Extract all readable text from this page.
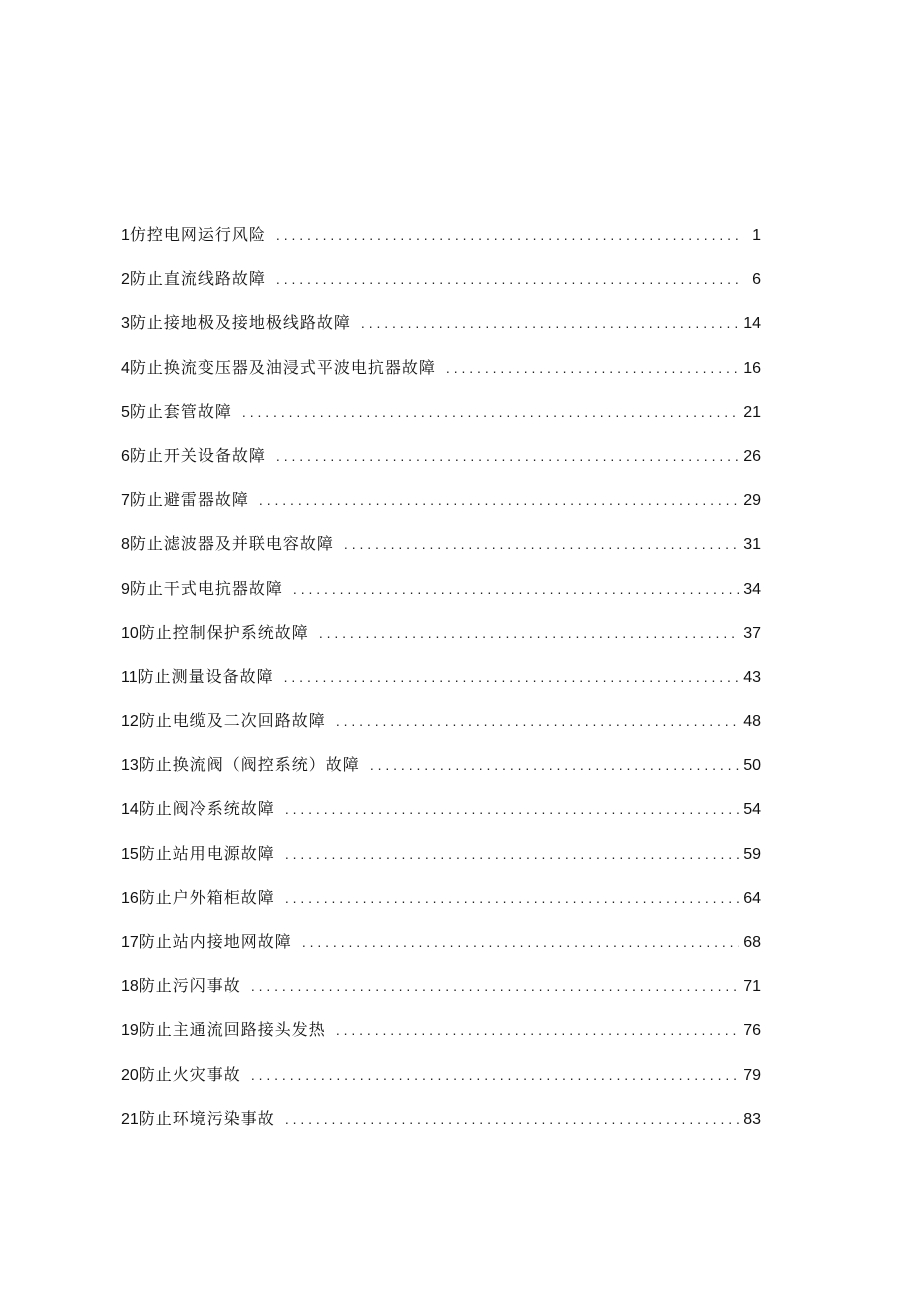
1 仿控电网运行风险 . . .	1
2 防止直流线路故障 . . .	6
3 防止接地极及接地极线路故障 . . .	14
4 防止换流变压器及油浸式平波电抗器故障 . . .	16
5 防止套管故障 . . .	21
6 防止开关设备故障 . . .	26
7 防止避雷器故障 . . .	29
8 防止滤波器及并联电容故障 . . .	31
9 防止干式电抗器故障 . . .	34
10 防止控制保护系统故障 . . .	37
11 防止测量设备故障 . . .	43
12 防止电缆及二次回路故障 . . .	48
13 防止换流阀（阀控系统）故障 . . .	50
14 防止阀冷系统故障 . . .	54
15 防止站用电源故障 . . .	59
16 防止户外箱柜故障 . . .	64
17 防止站内接地网故障 . . .	68
18 防止污闪事故 . . .	71
19 防止主通流回路接头发热 . . .	76
20 防止火灾事故 . . .	79
21 防止环境污染事故 . . .	83
